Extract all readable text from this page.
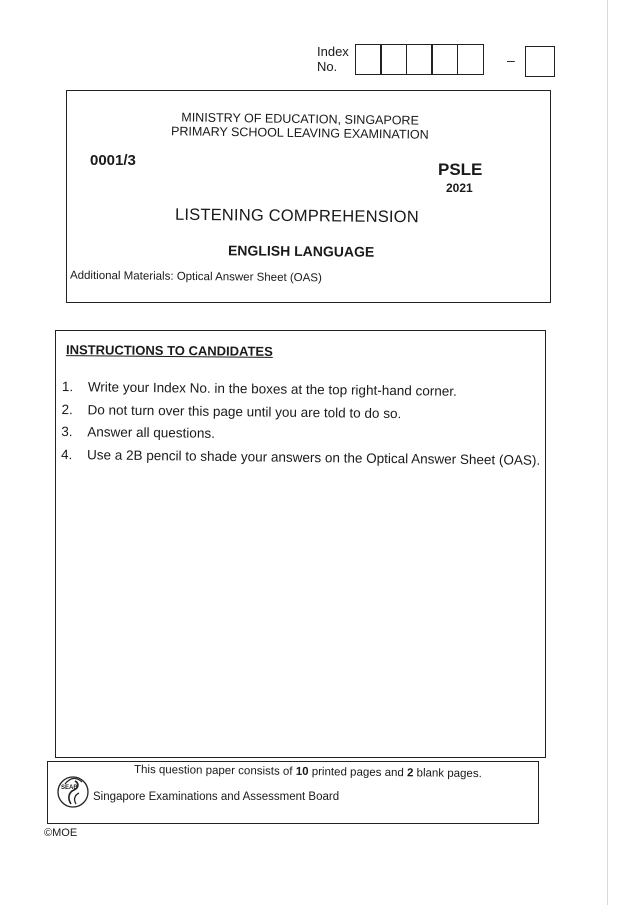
Index
No.	–
MINISTRY OF EDUCATION, SINGAPORE
PRIMARY SCHOOL LEAVING EXAMINATION
0001/3	PSLE
2021
LISTENING COMPREHENSION
ENGLISH LANGUAGE
Additional Materials: Optical Answer Sheet (OAS)
INSTRUCTIONS TO CANDIDATES
1.	Write your Index No. in the boxes at the top right-hand corner.
2.	Do not turn over this page until you are told to do so.
3.	Answer all questions.
4.	Use a 2B pencil to shade your answers on the Optical Answer Sheet (OAS).
This question paper consists of 10 printed pages and 2 blank pages.
SEAB
Singapore Examinations and Assessment Board
©MOE
